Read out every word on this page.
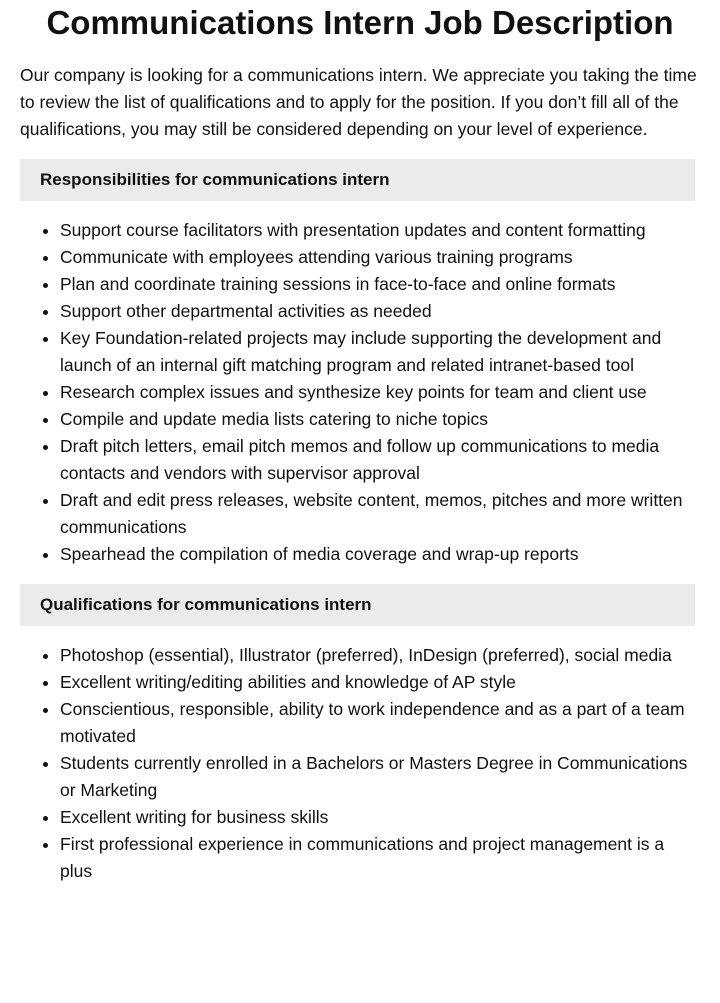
Communications Intern Job Description

Our company is looking for a communications intern. We appreciate you taking the time to review the list of qualifications and to apply for the position. If you don’t fill all of the qualifications, you may still be considered depending on your level of experience.

Responsibilities for communications intern
• Support course facilitators with presentation updates and content formatting
• Communicate with employees attending various training programs
• Plan and coordinate training sessions in face-to-face and online formats
• Support other departmental activities as needed
• Key Foundation-related projects may include supporting the development and launch of an internal gift matching program and related intranet-based tool
• Research complex issues and synthesize key points for team and client use
• Compile and update media lists catering to niche topics
• Draft pitch letters, email pitch memos and follow up communications to media contacts and vendors with supervisor approval
• Draft and edit press releases, website content, memos, pitches and more written communications
• Spearhead the compilation of media coverage and wrap-up reports
Qualifications for communications intern
• Photoshop (essential), Illustrator (preferred), InDesign (preferred), social media
• Excellent writing/editing abilities and knowledge of AP style
• Conscientious, responsible, ability to work independence and as a part of a team motivated
• Students currently enrolled in a Bachelors or Masters Degree in Communications or Marketing
• Excellent writing for business skills
• First professional experience in communications and project management is a plus
